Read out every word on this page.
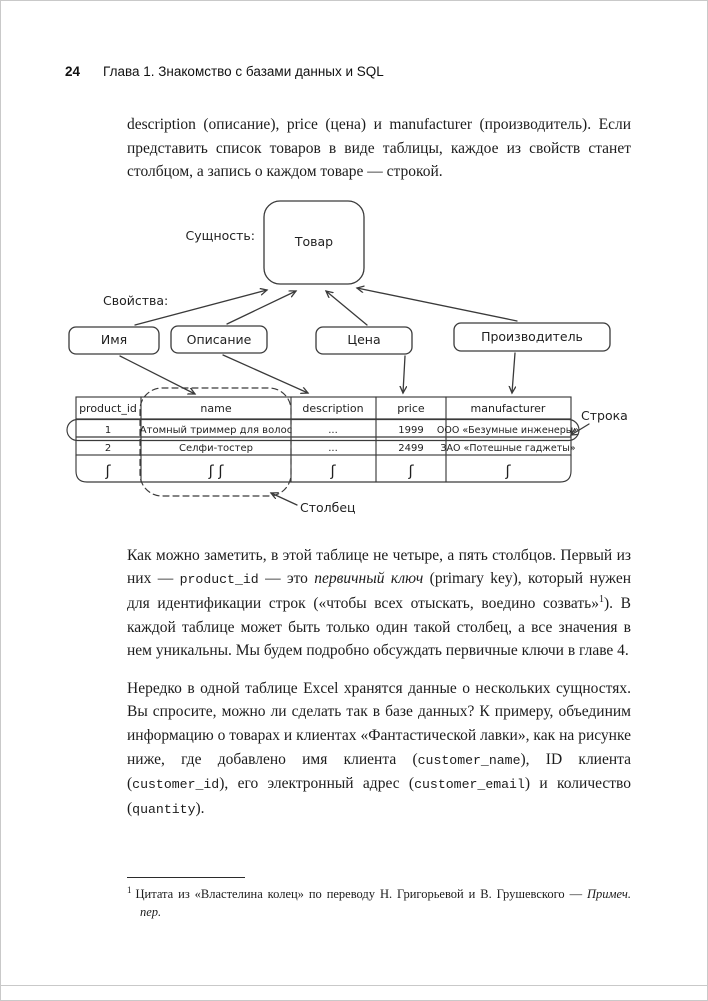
24 Глава 1. Знакомство с базами данных и SQL

description (описание), price (цена) и manufacturer (производитель). Если представить список товаров в виде таблицы, каждое из свойств станет столбцом, а запись о каждом товаре — строкой.

Сущность:	Товар
Свойства:
Имя	Описание	Цена	Производитель
product_id	name	description	price	manufacturer
1	Атомный триммер для волос	...	1999 ООО «Безумные инженеры»
2	Селфи-тостер	...	2499 ЗАО «Потешные гаджеты»
ʃ	ʃ ʃ	ʃ	ʃ	ʃ
Строка
Столбец

Как можно заметить, в этой таблице не четыре, а пять столбцов. Первый из них — product_id — это первичный ключ (primary key), который нужен для идентификации строк («чтобы всех отыскать, воедино созвать»$^1$). В каждой таблице может быть только один такой столбец, а все значения в нем уникальны. Мы будем подробно обсуждать первичные ключи в главе 4.

Нередко в одной таблице Excel хранятся данные о нескольких сущностях. Вы спросите, можно ли сделать так в базе данных? К примеру, объединим информацию о товарах и клиентах «Фантастической лавки», как на рисунке ниже, где добавлено имя клиента (customer_name), ID клиента (customer_id), его электронный адрес (customer_email) и количество (quantity).

$^1$ Цитата из «Властелина колец» по переводу Н. Григорьевой и В. Грушевского — Примеч. пер.
